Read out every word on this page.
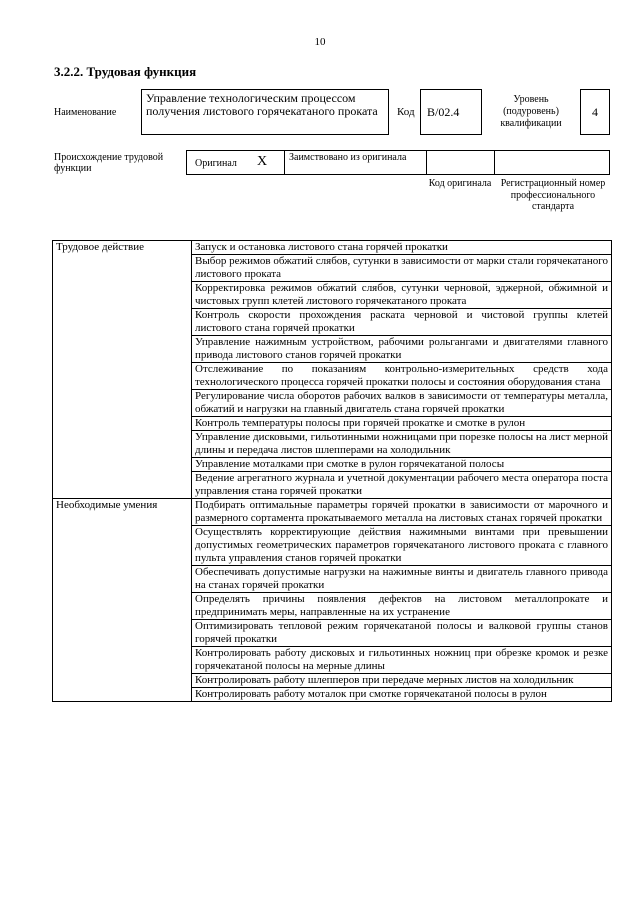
10
3.2.2. Трудовая функция
Наименование
Управление технологическим процессом получения листового горячекатаного проката	Код B/02.4
Уровень (подуровень) квалификации
4
Происхождение трудовой функции	Оригинал X Заимствовано из оригинала
Код оригинала Регистрационный номер профессионального стандарта
Трудовое действие	Запуск и остановка листового стана горячей прокатки
	Выбор режимов обжатий слябов, сутунки в зависимости от марки стали горячекатаного листового проката
	Корректировка режимов обжатий слябов, сутунки черновой, эджерной, обжимной и чистовых групп клетей листового горячекатаного проката
	Контроль скорости прохождения раската черновой и чистовой группы клетей листового стана горячей прокатки
	Управление нажимным устройством, рабочими рольгангами и двигателями главного привода листового станов горячей прокатки
	Отслеживание по показаниям контрольно-измерительных средств хода технологического процесса горячей прокатки полосы и состояния оборудования стана
	Регулирование числа оборотов рабочих валков в зависимости от температуры металла, обжатий и нагрузки на главный двигатель стана горячей прокатки
	Контроль температуры полосы при горячей прокатке и смотке в рулон
	Управление дисковыми, гильотинными ножницами при порезке полосы на лист мерной длины и передача листов шлепперами на холодильник
	Управление моталками при смотке в рулон горячекатаной полосы
	Ведение агрегатного журнала и учетной документации рабочего места оператора поста управления стана горячей прокатки
Необходимые умения	Подбирать оптимальные параметры горячей прокатки в зависимости от марочного и размерного сортамента прокатываемого металла на листовых станах горячей прокатки
	Осуществлять корректирующие действия нажимными винтами при превышении допустимых геометрических параметров горячекатаного листового проката с главного пульта управления станов горячей прокатки
	Обеспечивать допустимые нагрузки на нажимные винты и двигатель главного привода на станах горячей прокатки
	Определять причины появления дефектов на листовом металлопрокате и предпринимать меры, направленные на их устранение
	Оптимизировать тепловой режим горячекатаной полосы и валковой группы станов горячей прокатки
	Контролировать работу дисковых и гильотинных ножниц при обрезке кромок и резке горячекатаной полосы на мерные длины
	Контролировать работу шлепперов при передаче мерных листов на холодильник
	Контролировать работу моталок при смотке горячекатаной полосы в рулон
